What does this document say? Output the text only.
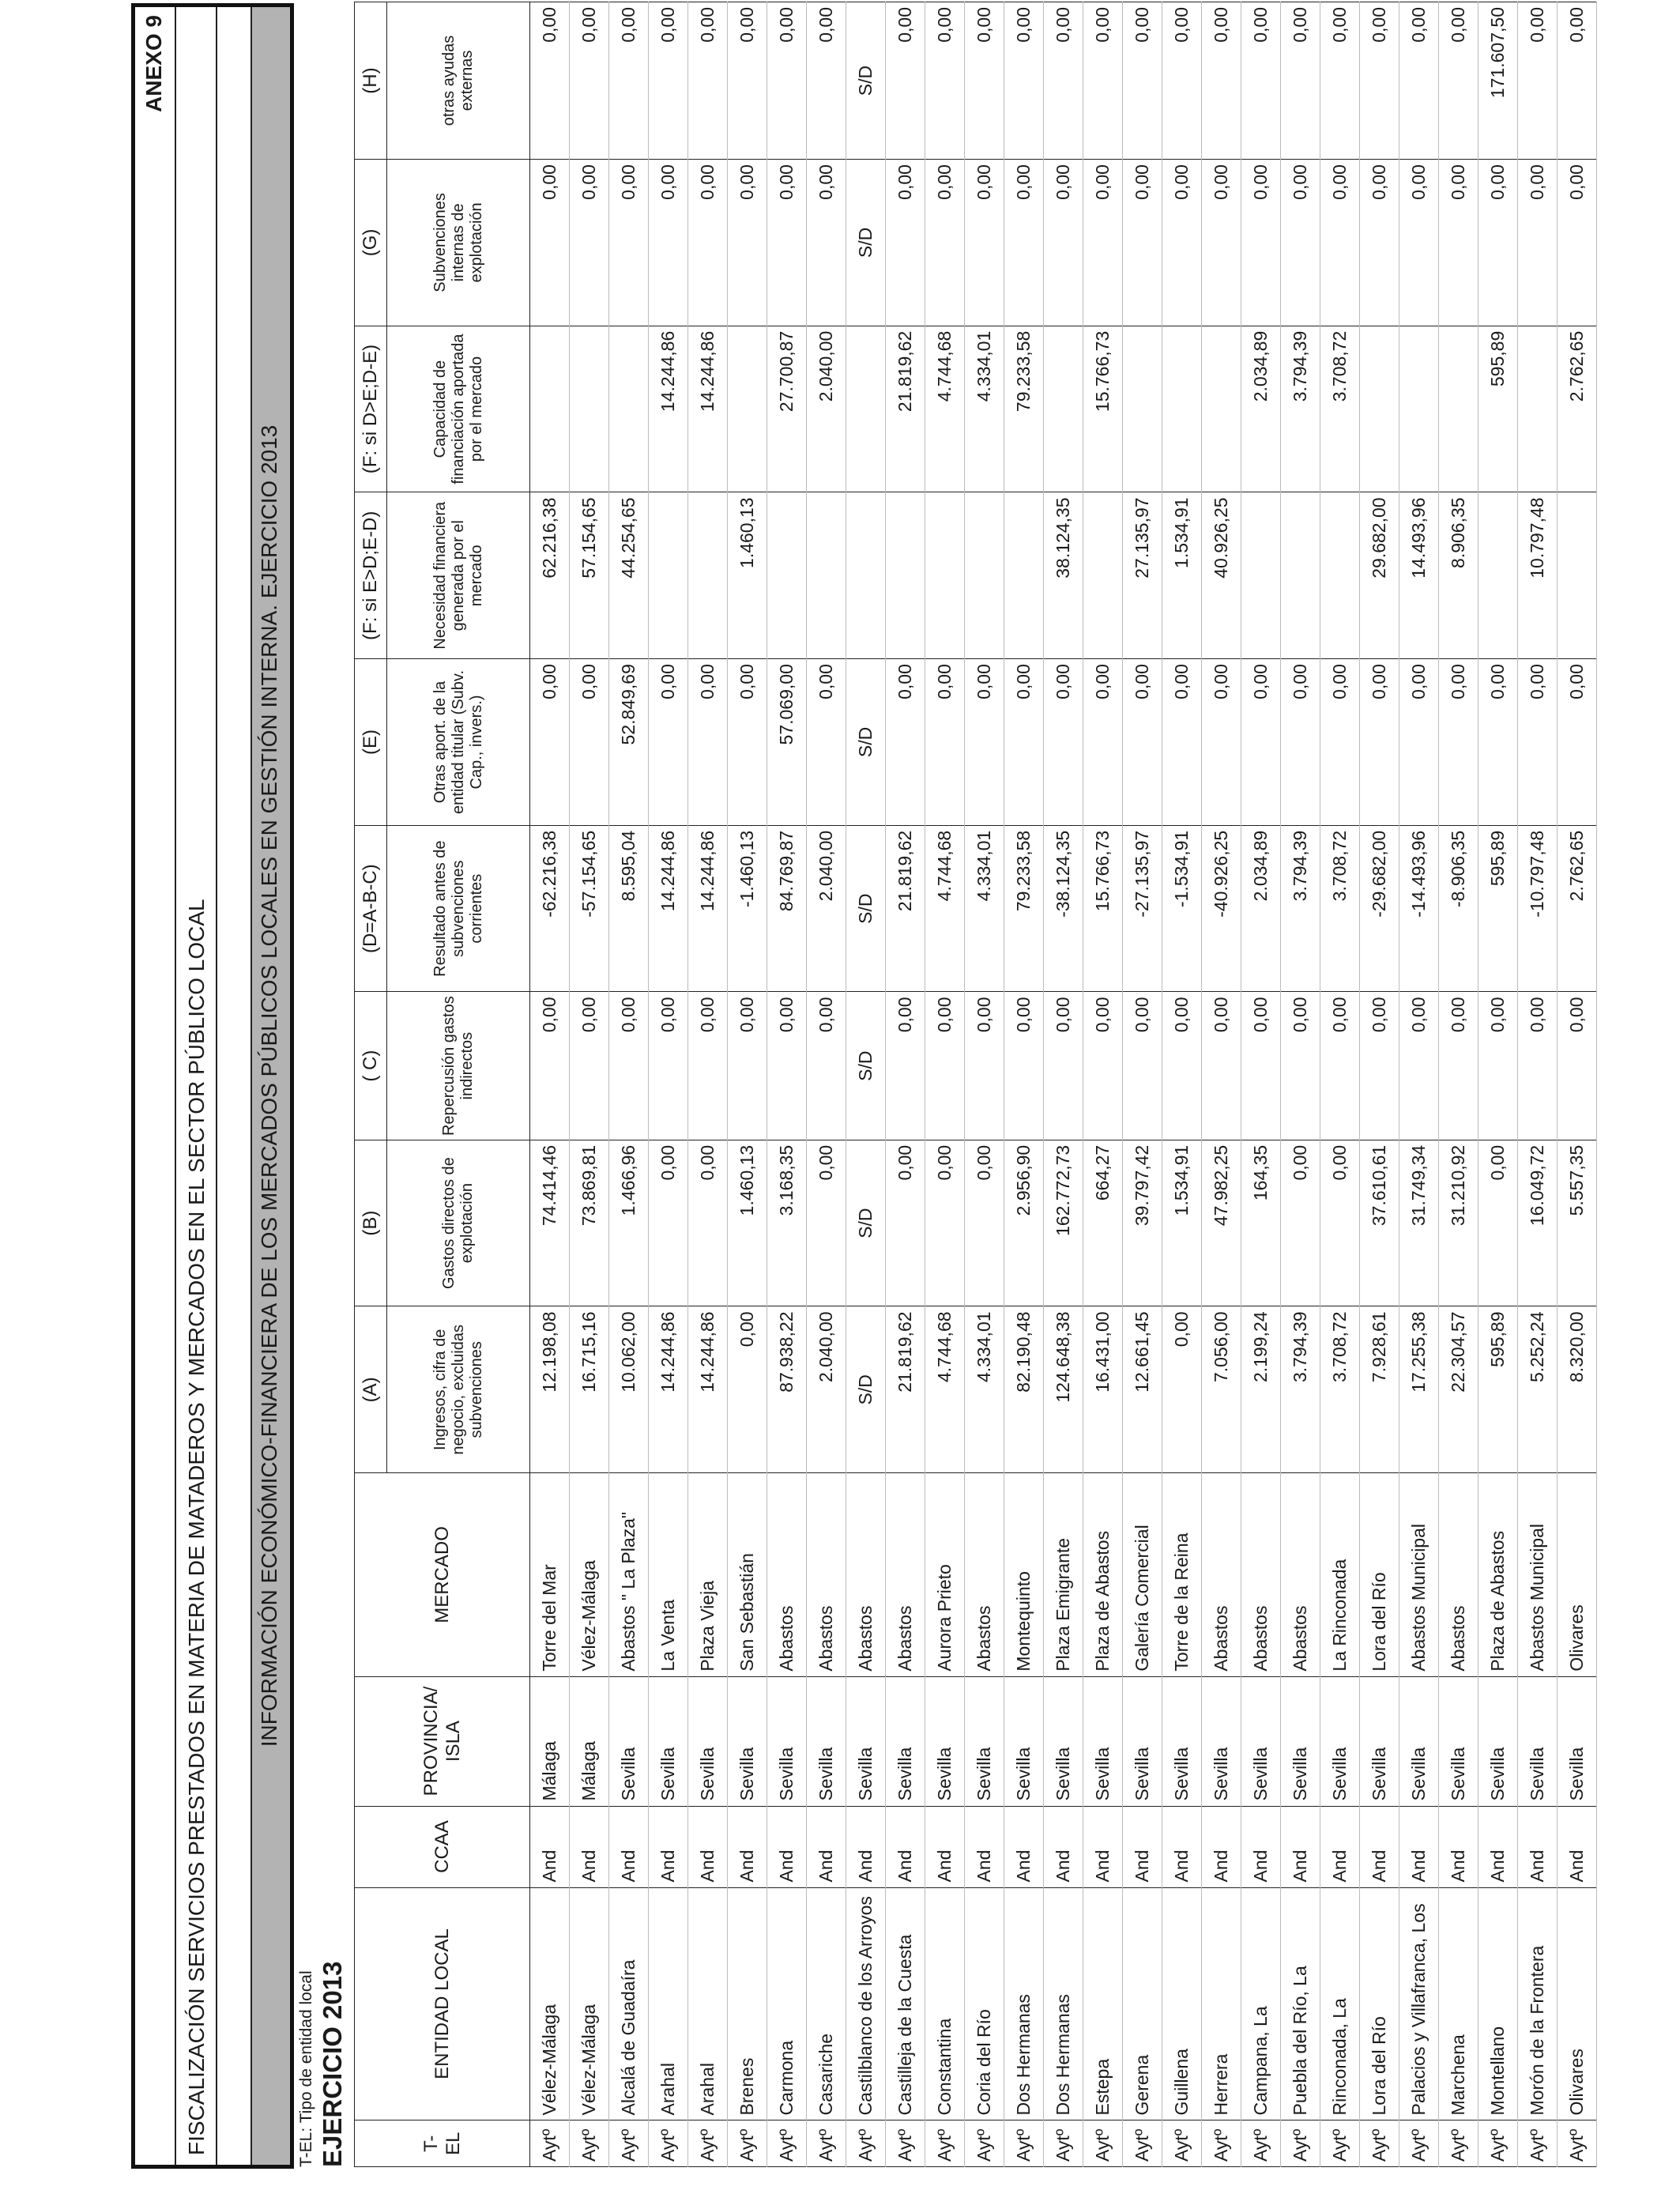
ANEXO 9
FISCALIZACIÓN SERVICIOS PRESTADOS EN MATERIA DE MATADEROS Y MERCADOS EN EL SECTOR PÚBLICO LOCAL INFORMACIÓN ECONÓMICO-FINANCIERA DE LOS MERCADOS PÚBLICOS LOCALES EN GESTIÓN INTERNA. EJERCICIO 2013
T-EL: Tipo de entidad local EJERCICIO 2013	T-EL	ENTIDAD LOCAL	CCAA	PROVINCIA/ ISLA	MERCADO	(A)	(B)	( C)	(D=A-B-C)	(E)	(F: si E>D;E-D)	(F: si D>E;D-E)	(G)	(H)
					Ingresos, cifra de negocio, excluidas subvenciones	Gastos directos de explotación	Repercusión gastos indirectos	Resultado antes de subvenciones corrientes	Otras aport. de la entidad titular (Subv. Cap., invers.)	Necesidad financiera generada por el mercado	Capacidad de financiación aportada por el mercado	Subvenciones internas de explotación	otras ayudas externas
Aytº	Vélez-Málaga	And	Málaga	Torre del Mar	12.198,08	74.414,46	0,00	-62.216,38	0,00	62.216,38		0,00	0,00
Aytº	Vélez-Málaga	And	Málaga	Vélez-Málaga	16.715,16	73.869,81	0,00	-57.154,65	0,00	57.154,65		0,00	0,00
Aytº	Alcalá de Guadaíra	And	Sevilla	Abastos " La Plaza"	10.062,00	1.466,96	0,00	8.595,04	52.849,69	44.254,65		0,00	0,00
Aytº	Arahal	And	Sevilla	La Venta	14.244,86	0,00	0,00	14.244,86	0,00		14.244,86	0,00	0,00
Aytº	Arahal	And	Sevilla	Plaza Vieja	14.244,86	0,00	0,00	14.244,86	0,00		14.244,86	0,00	0,00
Aytº	Brenes	And	Sevilla	San Sebastián	0,00	1.460,13	0,00	-1.460,13	0,00	1.460,13		0,00	0,00
Aytº	Carmona	And	Sevilla	Abastos	87.938,22	3.168,35	0,00	84.769,87	57.069,00		27.700,87	0,00	0,00
Aytº	Casariche	And	Sevilla	Abastos	2.040,00	0,00	0,00	2.040,00	0,00		2.040,00	0,00	0,00
Aytº	Castilblanco de los Arroyos	And	Sevilla	Abastos	S/D	S/D	S/D	S/D	S/D			S/D	S/D
Aytº	Castilleja de la Cuesta	And	Sevilla	Abastos	21.819,62	0,00	0,00	21.819,62	0,00		21.819,62	0,00	0,00
Aytº	Constantina	And	Sevilla	Aurora Prieto	4.744,68	0,00	0,00	4.744,68	0,00		4.744,68	0,00	0,00
Aytº	Coria del Río	And	Sevilla	Abastos	4.334,01	0,00	0,00	4.334,01	0,00		4.334,01	0,00	0,00
Aytº	Dos Hermanas	And	Sevilla	Montequinto	82.190,48	2.956,90	0,00	79.233,58	0,00		79.233,58	0,00	0,00
Aytº	Dos Hermanas	And	Sevilla	Plaza Emigrante	124.648,38	162.772,73	0,00	-38.124,35	0,00	38.124,35		0,00	0,00
Aytº	Estepa	And	Sevilla	Plaza de Abastos	16.431,00	664,27	0,00	15.766,73	0,00		15.766,73	0,00	0,00
Aytº	Gerena	And	Sevilla	Galería Comercial	12.661,45	39.797,42	0,00	-27.135,97	0,00	27.135,97		0,00	0,00
Aytº	Guillena	And	Sevilla	Torre de la Reina	0,00	1.534,91	0,00	-1.534,91	0,00	1.534,91		0,00	0,00
Aytº	Herrera	And	Sevilla	Abastos	7.056,00	47.982,25	0,00	-40.926,25	0,00	40.926,25		0,00	0,00
Aytº	Campana, La	And	Sevilla	Abastos	2.199,24	164,35	0,00	2.034,89	0,00		2.034,89	0,00	0,00
Aytº	Puebla del Río, La	And	Sevilla	Abastos	3.794,39	0,00	0,00	3.794,39	0,00		3.794,39	0,00	0,00
Aytº	Rinconada, La	And	Sevilla	La Rinconada	3.708,72	0,00	0,00	3.708,72	0,00		3.708,72	0,00	0,00
Aytº	Lora del Río	And	Sevilla	Lora del Río	7.928,61	37.610,61	0,00	-29.682,00	0,00	29.682,00		0,00	0,00
Aytº	Palacios y Villafranca, Los	And	Sevilla	Abastos Municipal	17.255,38	31.749,34	0,00	-14.493,96	0,00	14.493,96		0,00	0,00
Aytº	Marchena	And	Sevilla	Abastos	22.304,57	31.210,92	0,00	-8.906,35	0,00	8.906,35		0,00	0,00
Aytº	Montellano	And	Sevilla	Plaza de Abastos	595,89	0,00	0,00	595,89	0,00		595,89	0,00	171.607,50
Aytº	Morón de la Frontera	And	Sevilla	Abastos Municipal	5.252,24	16.049,72	0,00	-10.797,48	0,00	10.797,48		0,00	0,00
Aytº	Olivares	And	Sevilla	Olivares	8.320,00	5.557,35	0,00	2.762,65	0,00		2.762,65	0,00	0,00
